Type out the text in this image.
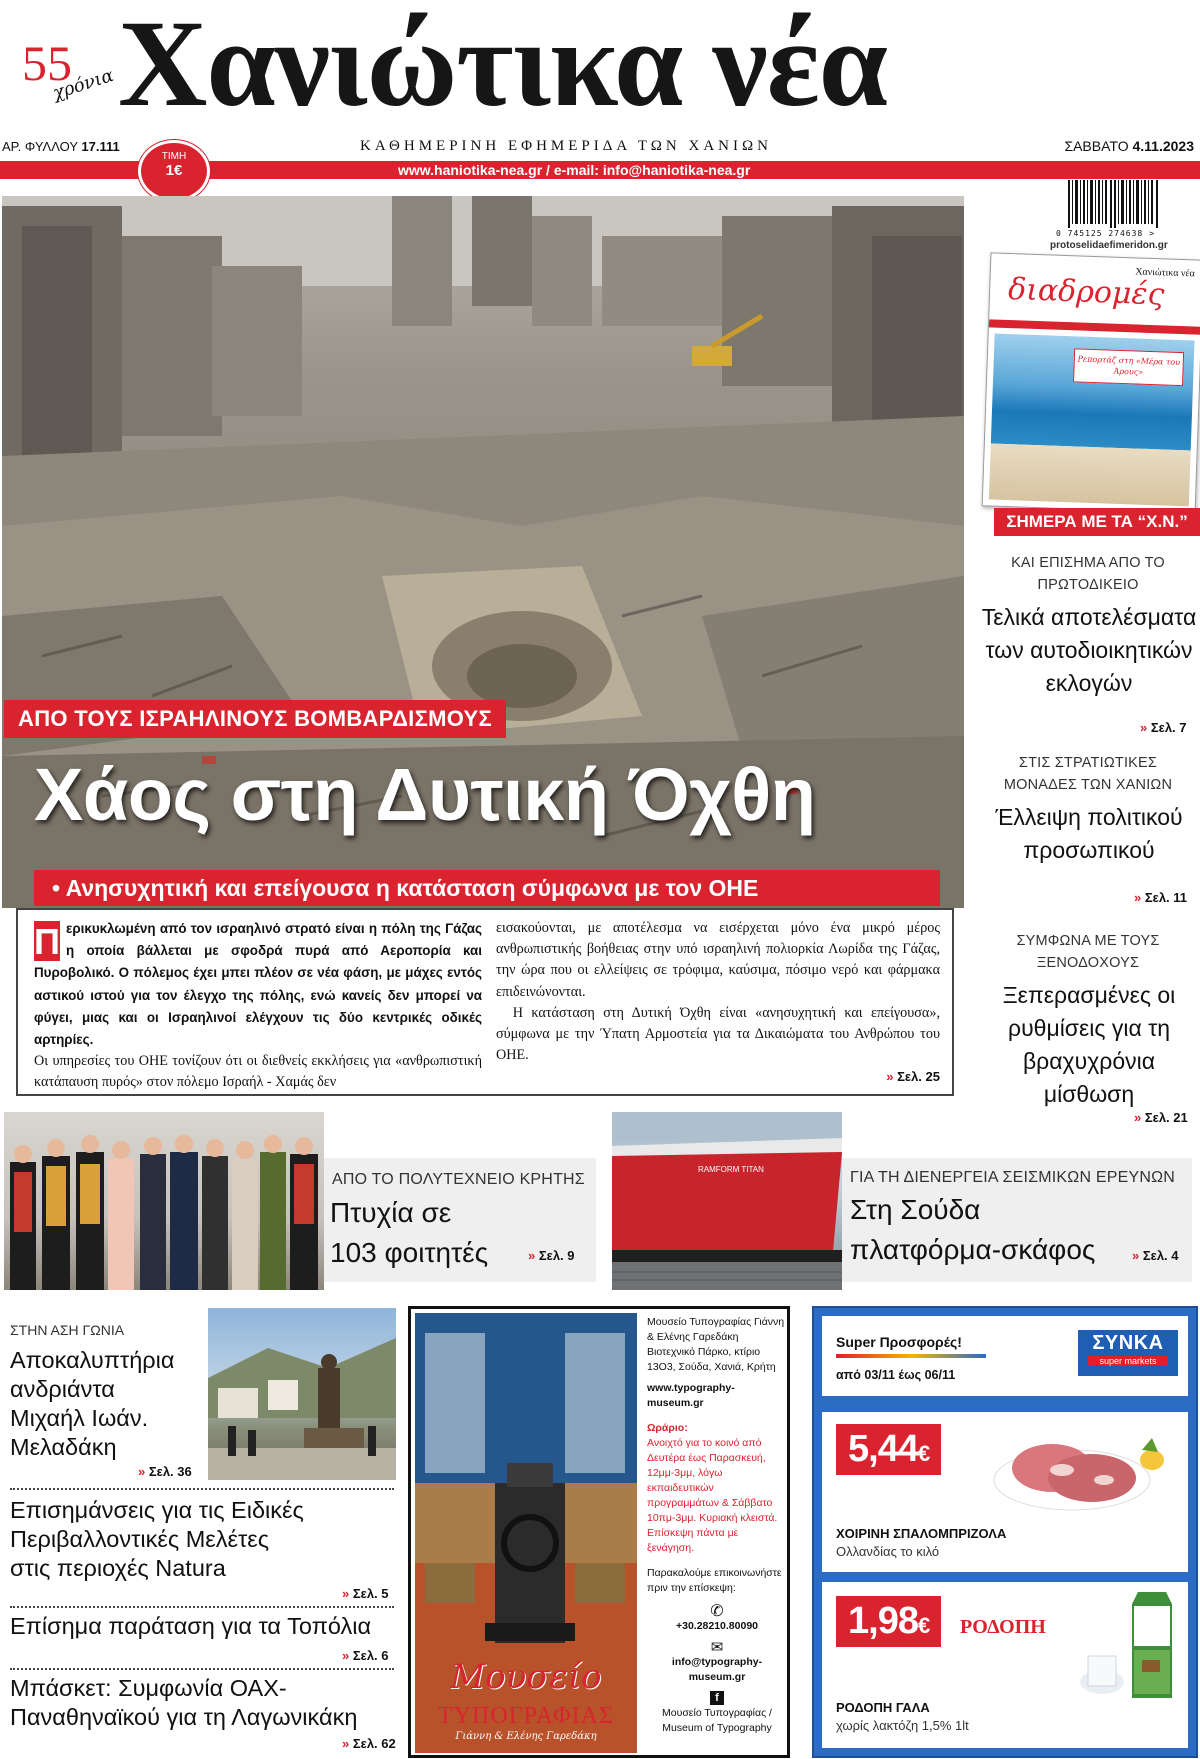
55
χρόνια Χανιώτικα νέα
ΑΡ. ΦΥΛΛΟΥ 17.111	ΚΑΘΗΜΕΡΙΝΗ ΕΦΗΜΕΡΙΔΑ ΤΩΝ ΧΑΝΙΩΝ	ΣΑΒΒΑΤΟ 4.11.2023
www.haniotika-nea.gr / e-mail: info@haniotika-nea.gr
ΤΙΜΗ
1€
ΑΠΟ ΤΟΥΣ ΙΣΡΑΗΛΙΝΟΥΣ ΒΟΜΒΑΡΔΙΣΜΟΥΣ
Χάος στη Δυτική Όχθη
• Ανησυχητική και επείγουσα η κατάσταση σύμφωνα με τον ΟΗΕ
Π ερικυκλωμένη από τον ισραηλινό στρατό είναι η πόλη της Γάζας η οποία βάλλεται με σφοδρά πυρά από Αεροπορία και Πυροβολικό. Ο πόλεμος έχει μπει πλέον σε νέα φάση, με μάχες εντός αστικού ιστού για τον έλεγχο της πόλης, ενώ κανείς δεν μπορεί να φύγει, μιας και οι Ισραηλινοί ελέγχουν τις δύο κεντρικές οδικές αρτηρίες.
Οι υπηρεσίες του ΟΗΕ τονίζουν ότι οι διεθνείς εκκλήσεις για «ανθρωπιστική κατάπαυση πυρός» στον πόλεμο Ισραήλ - Χαμάς δεν
εισακούονται, με αποτέλεσμα να εισέρχεται μόνο ένα μικρό μέρος ανθρωπιστικής βοήθειας στην υπό ισραηλινή πολιορκία Λωρίδα της Γάζας, την ώρα που οι ελλείψεις σε τρόφιμα, καύσιμα, πόσιμο νερό και φάρμακα επιδεινώνονται.
Η κατάσταση στη Δυτική Όχθη είναι «ανησυχητική και επείγουσα», σύμφωνα με την Ύπατη Αρμοστεία για τα Δικαιώματα του Ανθρώπου του ΟΗΕ.
» Σελ. 25
0 745125 274638 >
protoselidaefimeridon.gr
διαδρομές
Χανιώτικα νέα
Ρεπορτάζ στη «Μέρα του Άρους»
ΣΗΜΕΡΑ ΜΕ ΤΑ “Χ.Ν.”
ΚΑΙ ΕΠΙΣΗΜΑ ΑΠΟ ΤΟ ΠΡΩΤΟΔΙΚΕΙΟ
Τελικά αποτελέσματα των αυτοδιοικητικών εκλογών
» Σελ. 7
ΣΤΙΣ ΣΤΡΑΤΙΩΤΙΚΕΣ ΜΟΝΑΔΕΣ ΤΩΝ ΧΑΝΙΩΝ
Έλλειψη πολιτικού προσωπικού
» Σελ. 11
ΣΥΜΦΩΝΑ ΜΕ ΤΟΥΣ ΞΕΝΟΔΟΧΟΥΣ
Ξεπερασμένες οι ρυθμίσεις για τη βραχυχρόνια μίσθωση
» Σελ. 21
ΑΠΟ ΤΟ ΠΟΛΥΤΕΧΝΕΙΟ ΚΡΗΤΗΣ
Πτυχία σε
103 φοιτητές	» Σελ. 9
RAMFORM TITAN	ΓΙΑ ΤΗ ΔΙΕΝΕΡΓΕΙΑ ΣΕΙΣΜΙΚΩΝ ΕΡΕΥΝΩΝ
Στη Σούδα
πλατφόρμα-σκάφος	» Σελ. 4
ΣΤΗΝ ΑΣΗ ΓΩΝΙΑ
Αποκαλυπτήρια
ανδριάντα
Μιχαήλ Ιωάν.
Μελαδάκη
» Σελ. 36
Επισημάνσεις για τις Ειδικές
Περιβαλλοντικές Μελέτες
στις περιοχές Natura
» Σελ. 5
Επίσημα παράταση για τα Τοπόλια
» Σελ. 6
Μπάσκετ: Συμφωνία ΟΑΧ-
Παναθηναϊκού για τη Λαγωνικάκη
» Σελ. 62
Μουσείο
ΤΥΠΟΓΡΑΦΙΑΣ
Γιάννη & Ελένης Γαρεδάκη
Μουσείο Τυπογραφίας Γιάννη & Ελένης Γαρεδάκη Βιοτεχνικό Πάρκο, κτίριο 13Ο3, Σούδα, Χανιά, Κρήτη
www.typography-museum.gr
Ωράριο:
Ανοιχτό για το κοινό από Δευτέρα έως Παρασκευή, 12μμ-3μμ, λόγω εκπαιδευτικών προγραμμάτων & Σάββατο 10πμ-3μμ. Κυριακή κλειστά. Επίσκεψη πάντα με ξενάγηση.
Παρακαλούμε επικοινωνήστε πριν την επίσκεψη:
✆
+30.28210.80090
✉
info@typography-museum.gr
f
Μουσείο Τυπογραφίας / Museum of Typography
Super Προσφορές!
από 03/11 έως 06/11
ΣΥΝΚΑ
super markets
5,44€
ΧΟΙΡΙΝΗ ΣΠΑΛΟΜΠΡΙΖΟΛΑ
Ολλανδίας το κιλό
1,98€	ΡΟΔΟΠΗ
ΡΟΔΟΠΗ ΓΑΛΑ
χωρίς λακτόζη 1,5% 1lt
